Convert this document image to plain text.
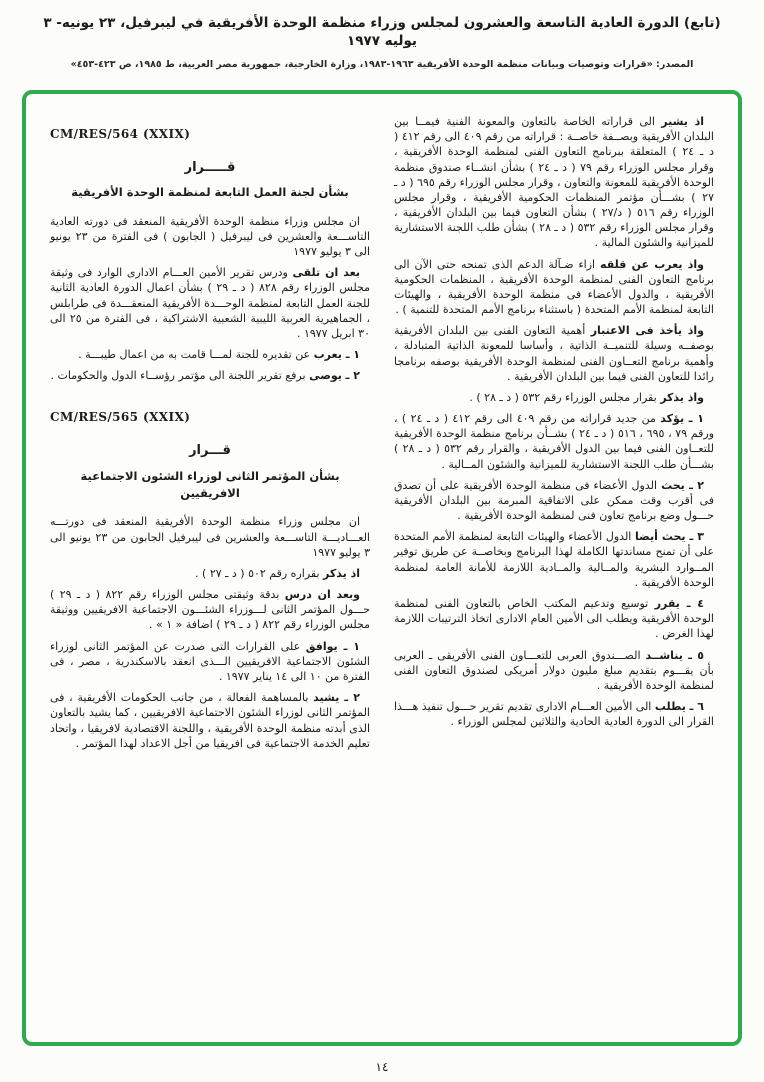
(تابع) الدورة العادية التاسعة والعشرون لمجلس وزراء منظمة الوحدة الأفريقية في ليبرفيل، ٢٣ يونيه- ٣ يوليه ١٩٧٧
المصدر: «قرارات وتوصيات وبيانات منظمة الوحدة الأفريقية ١٩٦٣-١٩٨٣، وزارة الخارجية، جمهورية مصر العربية، ط ١٩٨٥، ص ٤٢٣-٤٥٣»

اذ يشير الى قراراته الخاصة بالتعاون والمعونة الفنية فيمــا بين البلدان الأفريقية وبصــفة خاصــة : قراراته من رقم ٤٠٩ الى رقم ٤١٢ ( د ـ ٢٤ ) المتعلقة ببرنامج التعاون الفنى لمنظمة الوحدة الأفريقية ، وقرار مجلس الوزراء رقم ٧٩ ( د ـ ٢٤ ) بشأن انشــاء صندوق منظمة الوحدة الأفريقية للمعونة والتعاون ، وقرار مجلس الوزراء رقم ٦٩٥ ( د ـ ٢٧ ) بشـــأن مؤتمر المنظمات الحكومية الأفريقية ، وقرار مجلس الوزراء رقم ٥١٦ ( د/٢٧ ) بشأن التعاون فيما بين البلدان الأفريقية ، وقرار مجلس الوزراء رقم ٥٣٢ ( د ـ ٢٨ ) بشأن طلب اللجنة الاستشارية للميزانية والشئون المالية .

واذ يعرب عن قلقه ازاء ضـآلة الدعم الذى تمنحه حتى الآن الى برنامج التعاون الفنى لمنظمة الوحدة الأفريقية ، المنظمات الحكومية الأفريقية ، والدول الأعضاء فى منظمة الوحدة الأفريقية ، والهيئات التابعة لمنظمة الأمم المتحدة ( باستثناء برنامج الأمم المتحدة للتنمية ) .

واذ يأخذ فى الاعتبار أهمية التعاون الفنى بين البلدان الأفريقية بوصفــه وسيلة للتنميــة الذاتية ، وأساسا للمعونة الذاتية المتبادلة ، وأهمية برنامج التعــاون الفنى لمنظمة الوحدة الأفريقية بوصفه برنامجا رائدا للتعاون الفنى فيما بين البلدان الأفريقية .

واذ يذكر بقرار مجلس الوزراء رقم ٥٣٢ ( د ـ ٢٨ ) .

١ ـ يؤكد من جديد قراراته من رقم ٤٠٩ الى رقم ٤١٢ ( د ـ ٢٤ ) ، ورقم ٧٩ ، ٦٩٥ ، ٥١٦ ( د ـ ٢٤ ) بشــأن برنامج منظمة الوحدة الأفريقية للتعــاون الفنى فيما بين الدول الأفريقية ، والقرار رقم ٥٣٢ ( د ـ ٢٨ ) بشـــأن طلب اللجنة الاستشارية للميزانية والشئون المــالية .

٢ ـ يحث الدول الأعضاء فى منظمة الوحدة الأفريقية على أن تصدق فى أقرب وقت ممكن على الاتفاقية المبرمة بين البلدان الأفريقية حـــول وضع برنامج تعاون فنى لمنظمة الوحدة الأفريقية .

٣ ـ يحث أيضا الدول الأعضاء والهيئات التابعة لمنظمة الأمم المتحدة على أن تمنح مساندتها الكاملة لهذا البرنامج وبخاصــة عن طريق توفير المــوارد البشرية والمــالية والمــادية اللازمة للأمانة العامة لمنظمة الوحدة الأفريقية .

٤ ـ يقرر توسيع وتدعيم المكتب الخاص بالتعاون الفنى لمنظمة الوحدة الأفريقية ويطلب الى الأمين العام الادارى اتخاذ الترتيبات اللازمة لهذا الغرض .

٥ ـ يناشــد الصـــندوق العربى للتعـــاون الفنى الأفريقى ـ العربى بأن يقـــوم بتقديم مبلغ مليون دولار أمريكى لصندوق التعاون الفنى لمنظمة الوحدة الأفريقية .

٦ ـ يطلب الى الأمين العـــام الادارى تقديم تقرير حـــول تنفيذ هـــذا القرار الى الدورة العادية الحادية والثلاثين لمجلس الوزراء .

CM/RES/564 (XXIX)

قـــــرار

بشأن لجنة العمل التابعة لمنظمة الوحدة الأفريقية

ان مجلس وزراء منظمة الوحدة الأفريقية المنعقد فى دورته العادية التاســـعة والعشرين فى ليبرفيل ( الجابون ) فى الفترة من ٢٣ يونيو الى ٣ يوليو ١٩٧٧

بعد ان تلقى ودرس تقرير الأمين العـــام الادارى الوارد فى وثيقة مجلس الوزراء رقم ٨٢٨ ( د ـ ٢٩ ) بشأن اعمال الدورة العادية الثانية للجنة العمل التابعة لمنظمة الوحـــدة الأفريقية المنعقـــدة فى طرابلس ، الجماهيرية العربية الليبية الشعبية الاشتراكية ، فى الفترة من ٢٥ الى ٣٠ ابريل ١٩٧٧ .

١ ـ يعرب عن تقديره للجنة لمـــا قامت به من اعمال طيبـــة .

٢ ـ يوصى برفع تقرير اللجنة الى مؤتمر رؤســاء الدول والحكومات .

CM/RES/565 (XXIX)

قـــرار

بشأن المؤتمر الثانى لوزراء الشئون الاجتماعية الافريقيين

ان مجلس وزراء منظمة الوحدة الأفريقية المنعقد فى دورتـــه العـــاديـــة التاســـعة والعشرين فى ليبرفيل الجابون من ٢٣ يونيو الى ٣ يوليو ١٩٧٧

اذ يذكر بقراره رقم ٥٠٢ ( د ـ ٢٧ ) .

وبعد ان درس بدقة وثيقتى مجلس الوزراء رقم ٨٢٢ ( د ـ ٢٩ ) حـــول المؤتمر الثانى لـــوزراء الشئـــون الاجتماعية الافريقيين ووثيقة مجلس الوزراء رقم ٨٢٢ ( د ـ ٢٩ ) اضافة « ١ » .

١ ـ يوافق على القرارات التى صدرت عن المؤتمر الثانى لوزراء الشئون الاجتماعية الافريقيين الـــذى انعقد بالاسكندرية ، مصر ، فى الفترة من ١٠ الى ١٤ يناير ١٩٧٧ .

٢ ـ يشيد بالمساهمة الفعالة ، من جانب الحكومات الأفريقية ، فى المؤتمر الثانى لوزراء الشئون الاجتماعية الافريقيين ، كما يشيد بالتعاون الذى أبدته منظمة الوحدة الأفريقية ، واللجنة الاقتصادية لافريقيا ، واتحاد تعليم الخدمة الاجتماعية فى افريقيا من أجل الاعداد لهذا المؤتمر .

١٤
